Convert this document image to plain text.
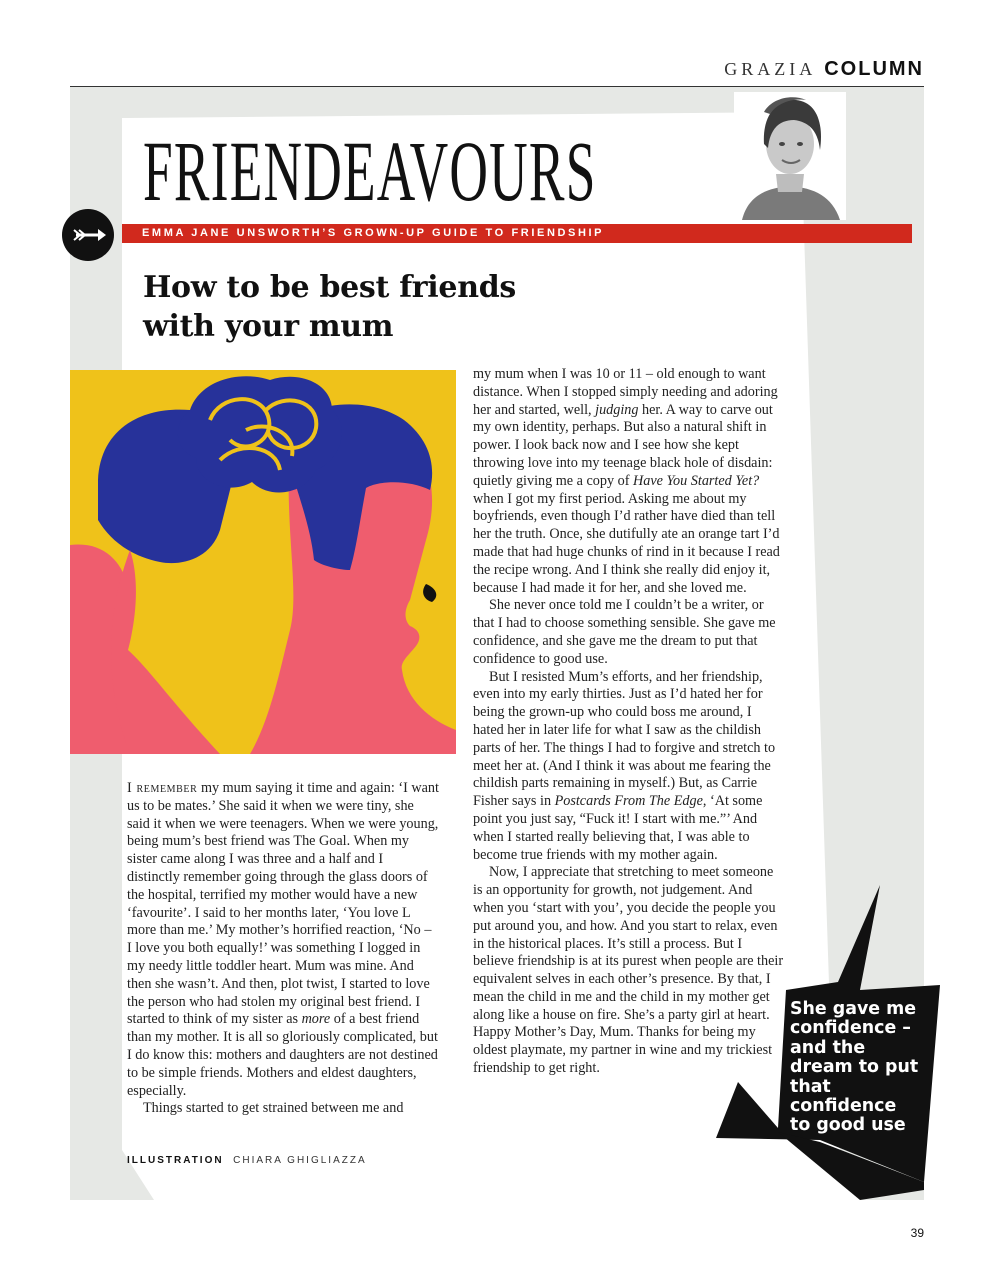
GRAZIA COLUMN
FRIENDEAVOURS
EMMA JANE UNSWORTH’S GROWN-UP GUIDE TO FRIENDSHIP
How to be best friends
with your mum

I remember my mum saying it time and again: ‘I want us to be mates.’ She said it when we were tiny, she said it when we were teenagers. When we were young, being mum’s best friend was The Goal. When my sister came along I was three and a half and I distinctly remember going through the glass doors of the hospital, terrified my mother would have a new ‘favourite’. I said to her months later, ‘You love L more than me.’ My mother’s horrified reaction, ‘No – I love you both equally!’ was something I logged in my needy little toddler heart. Mum was mine. And then she wasn’t. And then, plot twist, I started to love the person who had stolen my original best friend. I started to think of my sister as more of a best friend than my mother. It is all so gloriously complicated, but I do know this: mothers and daughters are not destined to be simple friends. Mothers and eldest daughters, especially.

Things started to get strained between me and

my mum when I was 10 or 11 – old enough to want distance. When I stopped simply needing and adoring her and started, well, judging her. A way to carve out my own identity, perhaps. But also a natural shift in power. I look back now and I see how she kept throwing love into my teenage black hole of disdain: quietly giving me a copy of Have You Started Yet? when I got my first period. Asking me about my boyfriends, even though I’d rather have died than tell her the truth. Once, she dutifully ate an orange tart I’d made that had huge chunks of rind in it because I read the recipe wrong. And I think she really did enjoy it, because I had made it for her, and she loved me.

She never once told me I couldn’t be a writer, or that I had to choose something sensible. She gave me confidence, and she gave me the dream to put that confidence to good use.

But I resisted Mum’s efforts, and her friendship, even into my early thirties. Just as I’d hated her for being the grown-up who could boss me around, I hated her in later life for what I saw as the childish parts of her. The things I had to forgive and stretch to meet her at. (And I think it was about me fearing the childish parts remaining in myself.) But, as Carrie Fisher says in Postcards From The Edge, ‘At some point you just say, “Fuck it! I start with me.”’ And when I started really believing that, I was able to become true friends with my mother again.

Now, I appreciate that stretching to meet someone is an opportunity for growth, not judgement. And when you ‘start with you’, you decide the people you put around you, and how. And you start to relax, even in the historical places. It’s still a process. But I believe friendship is at its purest when people are their equivalent selves in each other’s presence. By that, I mean the child in me and the child in my mother get along like a house on fire. She’s a party girl at heart. Happy Mother’s Day, Mum. Thanks for being my oldest playmate, my partner in wine and my trickiest friendship to get right.

ILLUSTRATION CHIARA GHIGLIAZZA
She gave me confidence – and the dream to put that confidence to good use
39
